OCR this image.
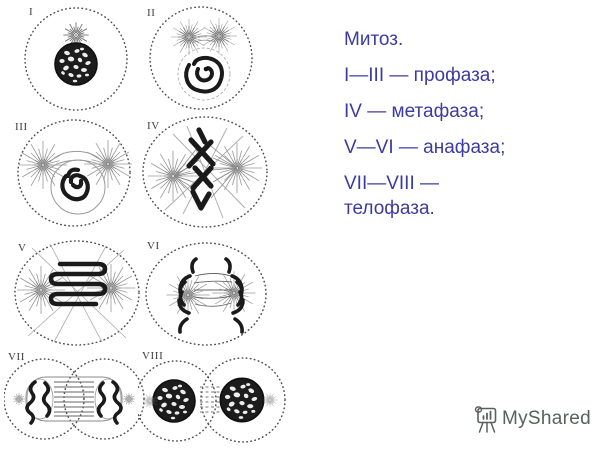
I	II
III	IV
V	VI
VII	VIII

Митоз.

I—III — профаза;

IV — метафаза;

V—VI — анафаза;

VII—VIII — телофаза.

MyShared
